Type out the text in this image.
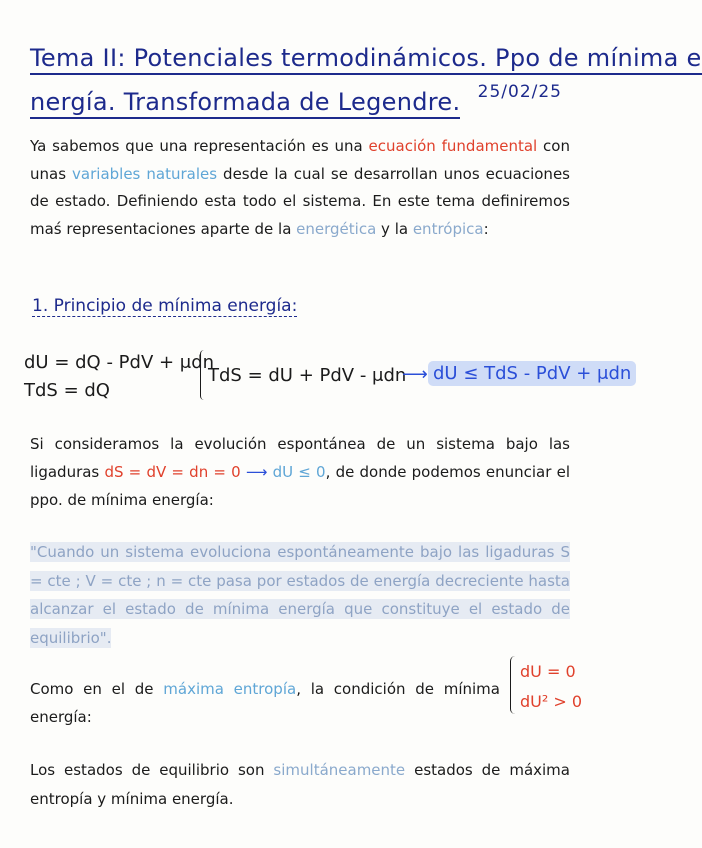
Tema II: Potenciales termodinámicos. Ppo de mínima e
nergía. Transformada de Legendre.	25/02/25
Ya sabemos que una representación es una ecuación fundamental con unas variables naturales desde la cual se desarrollan unos ecuaciones de estado. Definiendo esta todo el sistema. En este tema definiremos maś representaciones aparte de la energética y la entrópica:
1. Principio de mínima energía:
dU = dQ - PdV + μdn
TdS = dQ
TdS = dU + PdV - μdn
⟶ dU ≤ TdS - PdV + μdn
Si consideramos la evolución espontánea de un sistema bajo las ligaduras dS = dV = dn = 0 ⟶ dU ≤ 0, de donde podemos enunciar el ppo. de mínima energía:
"Cuando un sistema evoluciona espontáneamente bajo las ligaduras S = cte ; V = cte ; n = cte pasa por estados de energía decreciente hasta alcanzar el estado de mínima energía que constituye el estado de equilibrio".
Como en el de máxima entropía, la condición de mínima energía:
dU = 0
dU² > 0
Los estados de equilibrio son simultáneamente estados de máxima entropía y mínima energía.
